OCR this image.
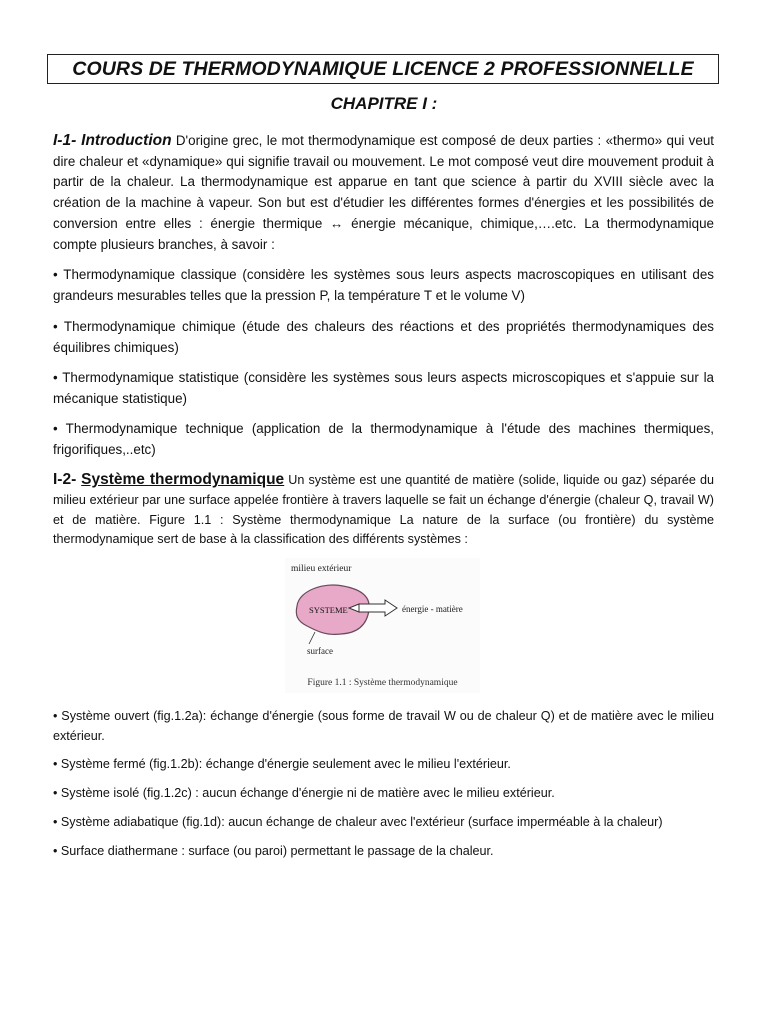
COURS DE THERMODYNAMIQUE LICENCE 2 PROFESSIONNELLE
CHAPITRE I :

I-1- Introduction D'origine grec, le mot thermodynamique est composé de deux parties : «thermo» qui veut dire chaleur et «dynamique» qui signifie travail ou mouvement. Le mot composé veut dire mouvement produit à partir de la chaleur. La thermodynamique est apparue en tant que science à partir du XVIII siècle avec la création de la machine à vapeur. Son but est d'étudier les différentes formes d'énergies et les possibilités de conversion entre elles : énergie thermique ↔ énergie mécanique, chimique,….etc. La thermodynamique compte plusieurs branches, à savoir :

• Thermodynamique classique (considère les systèmes sous leurs aspects macroscopiques en utilisant des grandeurs mesurables telles que la pression P, la température T et le volume V)

• Thermodynamique chimique (étude des chaleurs des réactions et des propriétés thermodynamiques des équilibres chimiques)

• Thermodynamique statistique (considère les systèmes sous leurs aspects microscopiques et s'appuie sur la mécanique statistique)

• Thermodynamique technique (application de la thermodynamique à l'étude des machines thermiques, frigorifiques,..etc)

I-2- Système thermodynamique Un système est une quantité de matière (solide, liquide ou gaz) séparée du milieu extérieur par une surface appelée frontière à travers laquelle se fait un échange d'énergie (chaleur Q, travail W) et de matière. Figure 1.1 : Système thermodynamique La nature de la surface (ou frontière) du système thermodynamique sert de base à la classification des différents systèmes :

milieu extérieur
SYSTEME	énergie - matière
surface
Figure 1.1 : Système thermodynamique

• Système ouvert (fig.1.2a): échange d'énergie (sous forme de travail W ou de chaleur Q) et de matière avec le milieu extérieur.

• Système fermé (fig.1.2b): échange d'énergie seulement avec le milieu l'extérieur.

• Système isolé (fig.1.2c) : aucun échange d'énergie ni de matière avec le milieu extérieur.

• Système adiabatique (fig.1d): aucun échange de chaleur avec l'extérieur (surface imperméable à la chaleur)

• Surface diathermane : surface (ou paroi) permettant le passage de la chaleur.
